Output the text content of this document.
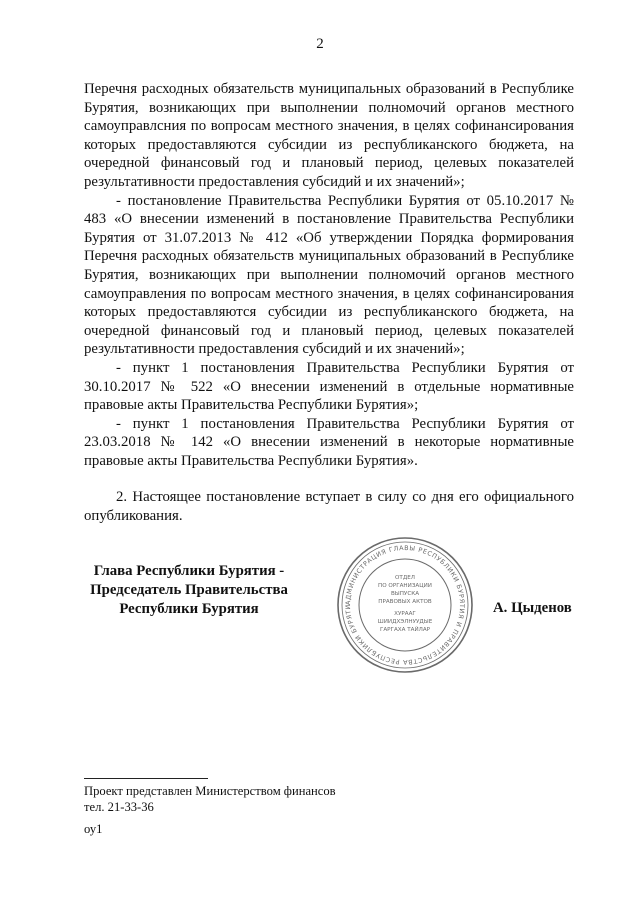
2

Перечня расходных обязательств муниципальных образований в Республике Бурятия, возникающих при выполнении полномочий органов местного самоуправлсния по вопросам местного значения, в целях софинансирования которых предоставляются субсидии из республиканского бюджета, на очередной финансовый год и плановый период, целевых показателей результативности предоставления субсидий и их значений»;

- постановление Правительства Республики Бурятия от 05.10.2017 № 483 «О внесении изменений в постановление Правительства Республики Бурятия от 31.07.2013 № 412 «Об утверждении Порядка формирования Перечня расходных обязательств муниципальных образований в Республике Бурятия, возникающих при выполнении полномочий органов местного самоуправления по вопросам местного значения, в целях софинансирования которых предоставляются субсидии из республиканского бюджета, на очередной финансовый год и плановый период, целевых показателей результативности предоставления субсидий и их значений»;

- пункт 1 постановления Правительства Республики Бурятия от 30.10.2017 № 522 «О внесении изменений в отдельные нормативные правовые акты Правительства Республики Бурятия»;

- пункт 1 постановления Правительства Республики Бурятия от 23.03.2018 № 142 «О внесении изменений в некоторые нормативные правовые акты Правительства Республики Бурятия».

2. Настоящее постановление вступает в силу со дня его официального опубликования.

Глава Республики Бурятия -
Председатель Правительства
Республики Бурятия	АДМИНИСТРАЦИЯ ГЛАВЫ РЕСПУБЛИКИ БУРЯТИЯ И ПРАВИТЕЛЬСТВА РЕСПУБЛИКИ БУРЯТИ
ОТДЕЛ
ПО ОРГАНИЗАЦИИ
ВЫПУСКА
ПРАВОВЫХ АКТОВ
ХУРААГ
ШИИДХЭЛНУУДЫЕ
ГАРГАХА ТАЙЛАР
А. Цыденов
Проект представлен Министерством финансов
тел. 21-33-36
оу1
